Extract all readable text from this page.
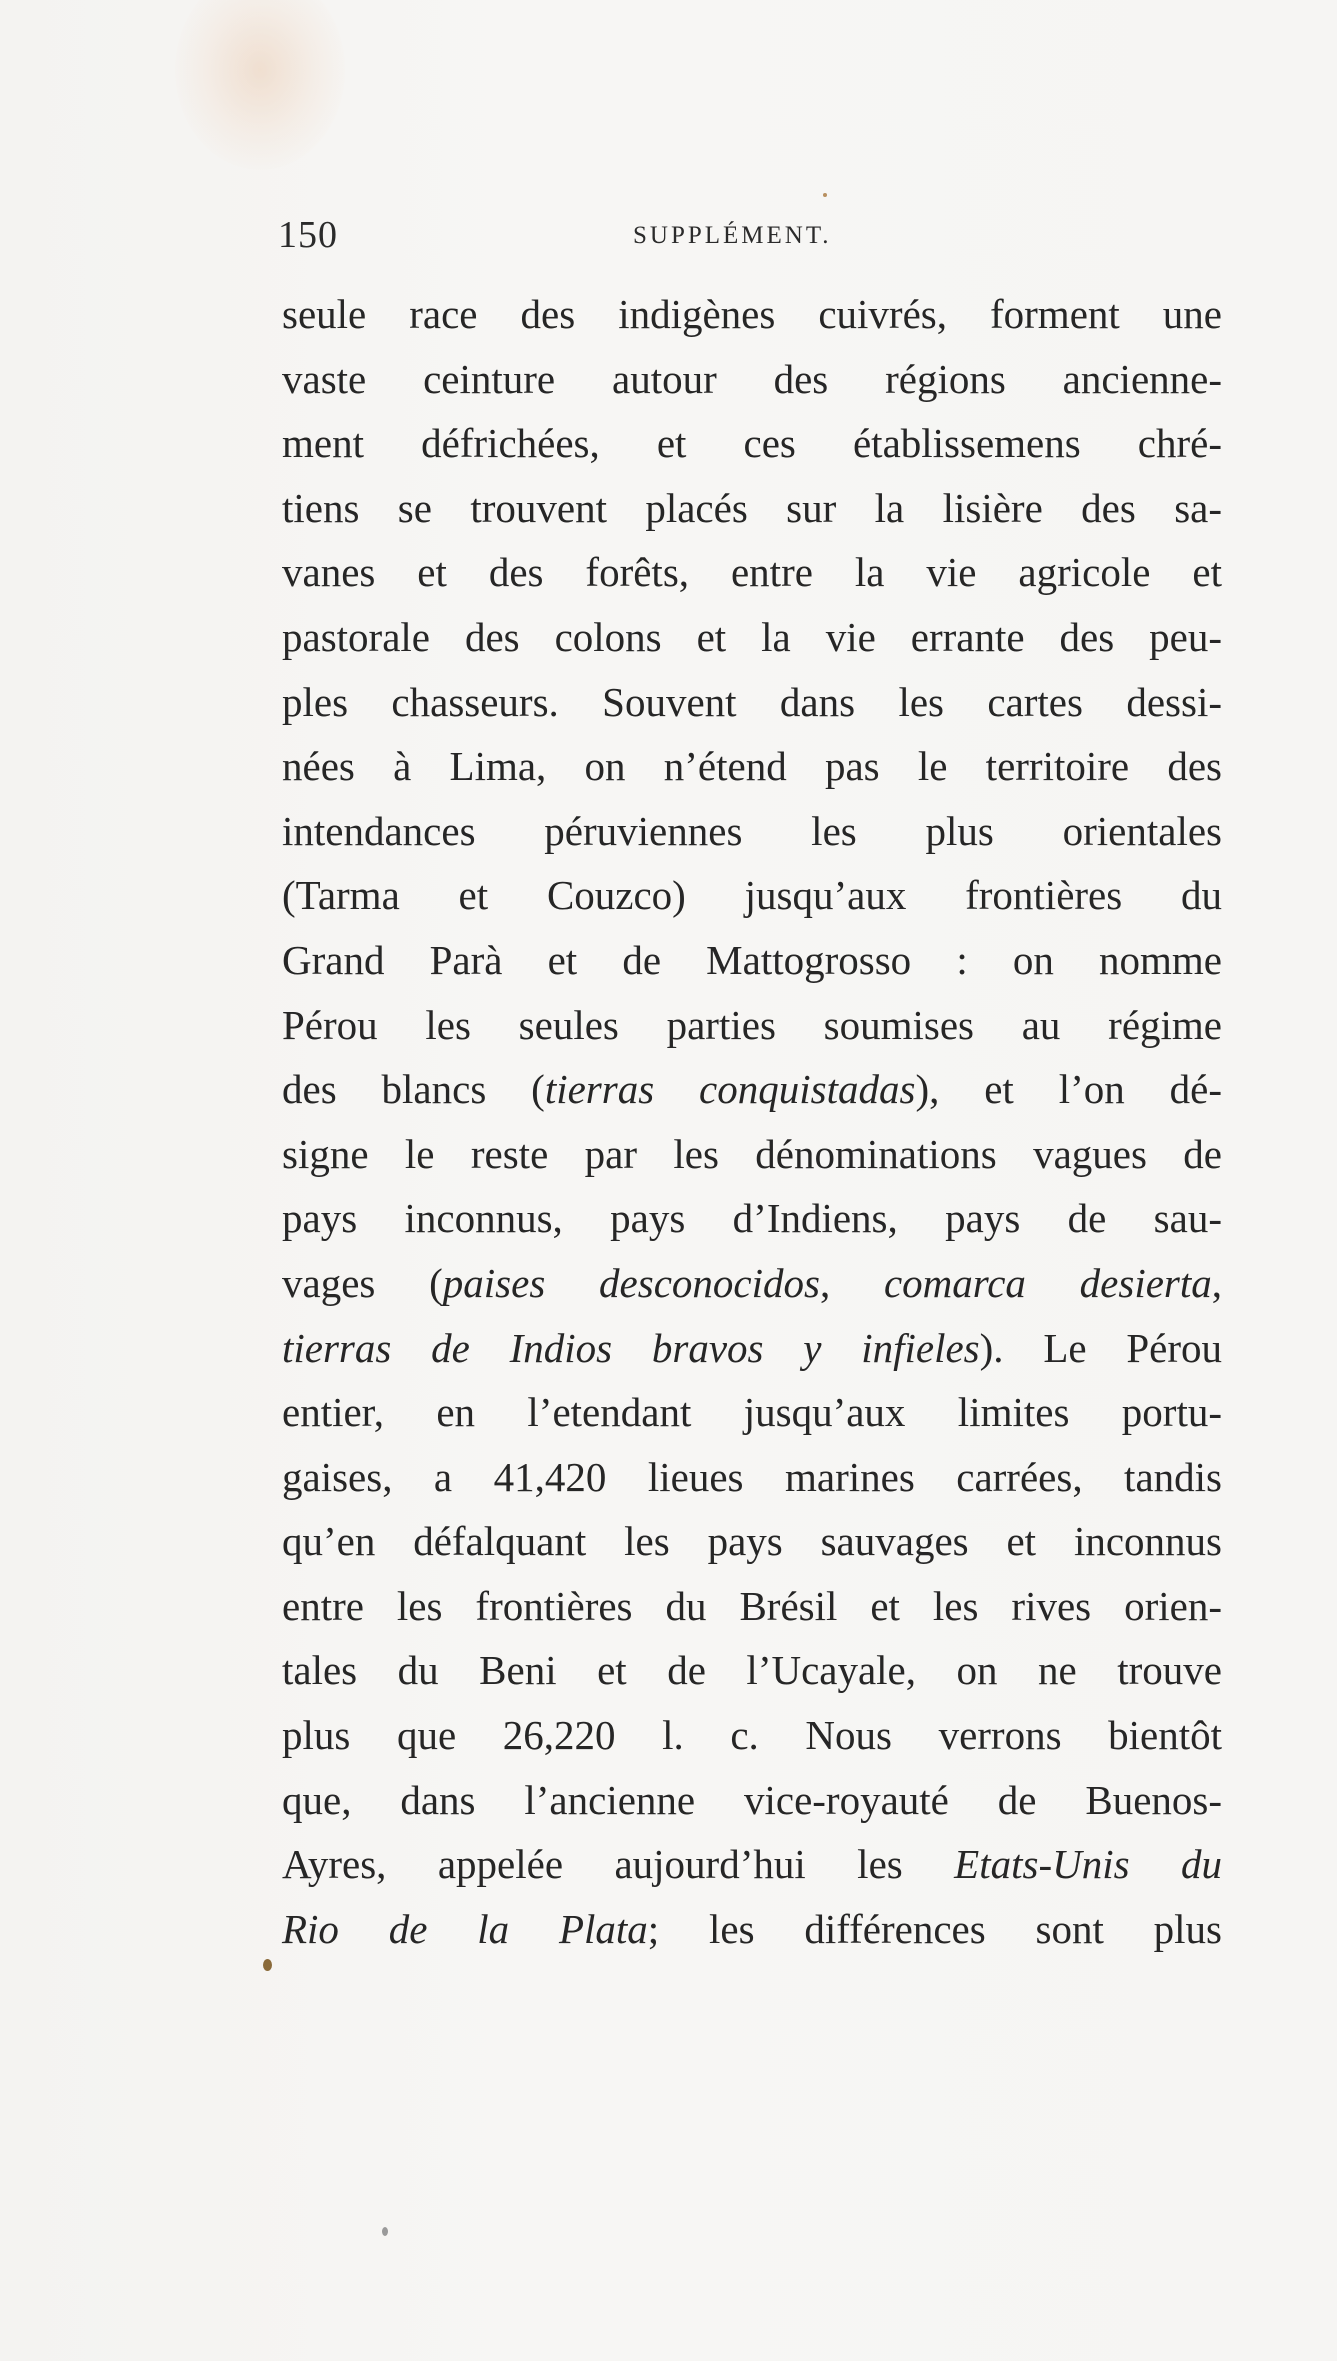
150	SUPPLÉMENT.
seule race des indigènes cuivrés, forment une
vaste ceinture autour des régions ancienne-
ment défrichées, et ces établissemens chré-
tiens se trouvent placés sur la lisière des sa-
vanes et des forêts, entre la vie agricole et
pastorale des colons et la vie errante des peu-
ples chasseurs. Souvent dans les cartes dessi-
nées à Lima, on n’étend pas le territoire des
intendances péruviennes les plus orientales
(Tarma et Couzco) jusqu’aux frontières du
Grand Parà et de Mattogrosso : on nomme
Pérou les seules parties soumises au régime
des blancs (tierras conquistadas), et l’on dé-
signe le reste par les dénominations vagues de
pays inconnus, pays d’Indiens, pays de sau-
vages (paises desconocidos, comarca desierta,
tierras de Indios bravos y infieles). Le Pérou
entier, en l’etendant jusqu’aux limites portu-
gaises, a 41,420 lieues marines carrées, tandis
qu’en défalquant les pays sauvages et inconnus
entre les frontières du Brésil et les rives orien-
tales du Beni et de l’Ucayale, on ne trouve
plus que 26,220 l. c. Nous verrons bientôt
que, dans l’ancienne vice-royauté de Buenos-
Ayres, appelée aujourd’hui les Etats-Unis du
Rio de la Plata; les différences sont plus
